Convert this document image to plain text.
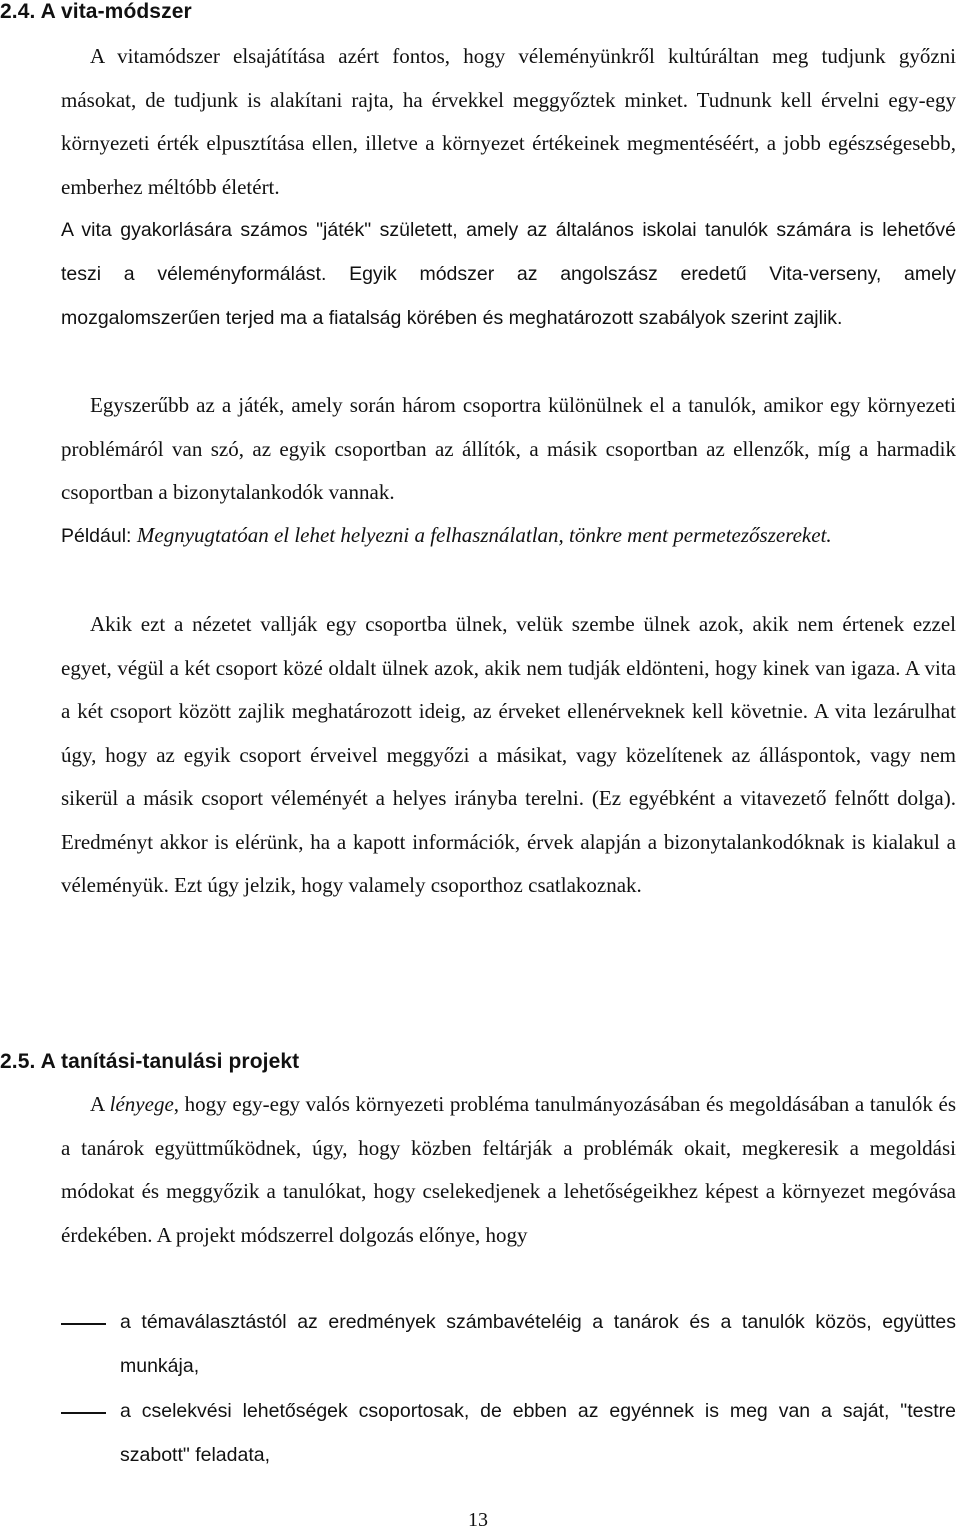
2.4. A vita-módszer

A vitamódszer elsajátítása azért fontos, hogy véleményünkről kultúráltan meg tudjunk győzni másokat, de tudjunk is alakítani rajta, ha érvekkel meggyőztek minket. Tudnunk kell érvelni egy-egy környezeti érték elpusztítása ellen, illetve a környezet értékeinek megmentéséért, a jobb egészségesebb, emberhez méltóbb életért.

A vita gyakorlására számos "játék" született, amely az általános iskolai tanulók számára is lehetővé teszi a véleményformálást. Egyik módszer az angolszász eredetű Vita-verseny, amely mozgalomszerűen terjed ma a fiatalság körében és meghatározott szabályok szerint zajlik.

Egyszerűbb az a játék, amely során három csoportra különülnek el a tanulók, amikor egy környezeti problémáról van szó, az egyik csoportban az állítók, a másik csoportban az ellenzők, míg a harmadik csoportban a bizonytalankodók vannak.

Például: Megnyugtatóan el lehet helyezni a felhasználatlan, tönkre ment permetezőszereket.

Akik ezt a nézetet vallják egy csoportba ülnek, velük szembe ülnek azok, akik nem értenek ezzel egyet, végül a két csoport közé oldalt ülnek azok, akik nem tudják eldönteni, hogy kinek van igaza. A vita a két csoport között zajlik meghatározott ideig, az érveket ellenérveknek kell követnie. A vita lezárulhat úgy, hogy az egyik csoport érveivel meggyőzi a másikat, vagy közelítenek az álláspontok, vagy nem sikerül a másik csoport véleményét a helyes irányba terelni. (Ez egyébként a vitavezető felnőtt dolga). Eredményt akkor is elérünk, ha a kapott információk, érvek alapján a bizonytalankodóknak is kialakul a véleményük. Ezt úgy jelzik, hogy valamely csoporthoz csatlakoznak.

2.5. A tanítási-tanulási projekt

A lényege, hogy egy-egy valós környezeti probléma tanulmányozásában és megoldásában a tanulók és a tanárok együttműködnek, úgy, hogy közben feltárják a problémák okait, megkeresik a megoldási módokat és meggyőzik a tanulókat, hogy cselekedjenek a lehetőségeikhez képest a környezet megóvása érdekében. A projekt módszerrel dolgozás előnye, hogy

a témaválasztástól az eredmények számbavételéig a tanárok és a tanulók közös, együttes munkája,
a cselekvési lehetőségek csoportosak, de ebben az egyénnek is meg van a saját, "testre szabott" feladata,
13
